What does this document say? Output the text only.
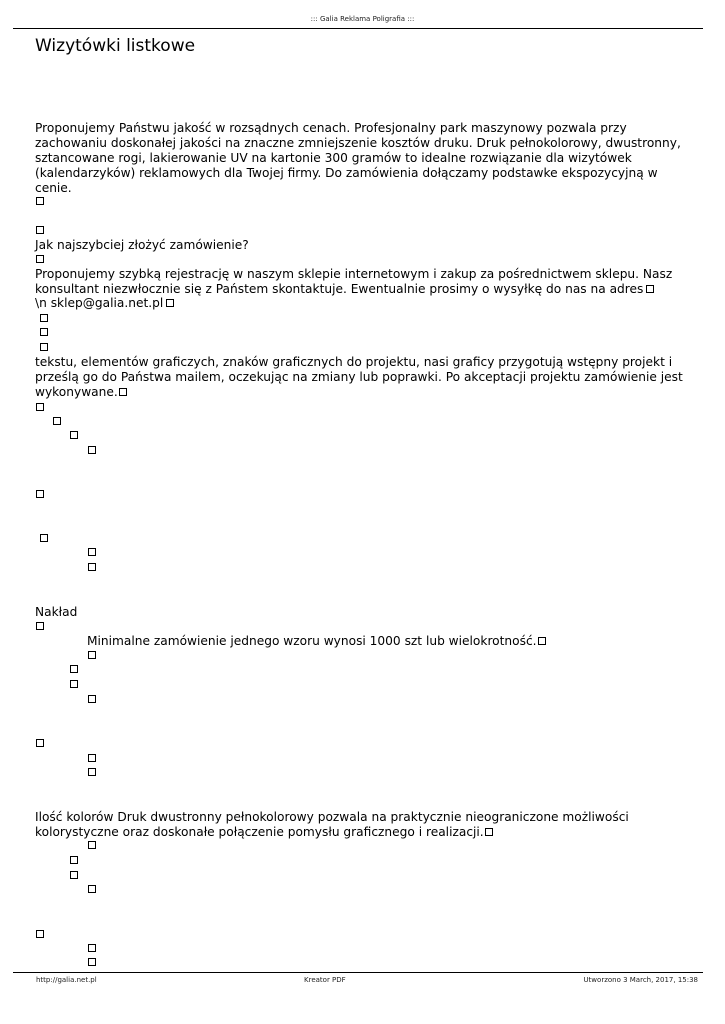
::: Galia Reklama Poligrafia :::
Wizytówki listkowe
Proponujemy Państwu jakość w rozsądnych cenach. Profesjonalny park maszynowy pozwala przy zachowaniu doskonałej jakości na znaczne zmniejszenie kosztów druku. Druk pełnokolorowy, dwustronny, sztancowane rogi, lakierowanie UV na kartonie 300 gramów to idealne rozwiązanie dla wizytówek (kalendarzyków) reklamowych dla Twojej firmy. Do zamówienia dołączamy podstawke ekspozycyjną w cenie.
Jak najszybciej złożyć zamówienie?
Proponujemy szybką rejestrację w naszym sklepie internetowym i zakup za pośrednictwem sklepu. Nasz konsultant niezwłocznie się z Państem skontaktuje. Ewentualnie prosimy o wysyłkę do nas na adres
\n sklep@galia.net.pl
tekstu, elementów graficzych, znaków graficznych do projektu, nasi graficy przygotują wstępny projekt i prześlą go do Państwa mailem, oczekując na zmiany lub poprawki. Po akceptacji projektu zamówienie jest wykonywane.
Nakład
Minimalne zamówienie jednego wzoru wynosi 1000 szt lub wielokrotność.
Ilość kolorów Druk dwustronny pełnokolorowy pozwala na praktycznie nieograniczone możliwości kolorystyczne oraz doskonałe połączenie pomysłu graficznego i realizacji.
http://galia.net.pl	Kreator PDF	Utworzono 3 March, 2017, 15:38
